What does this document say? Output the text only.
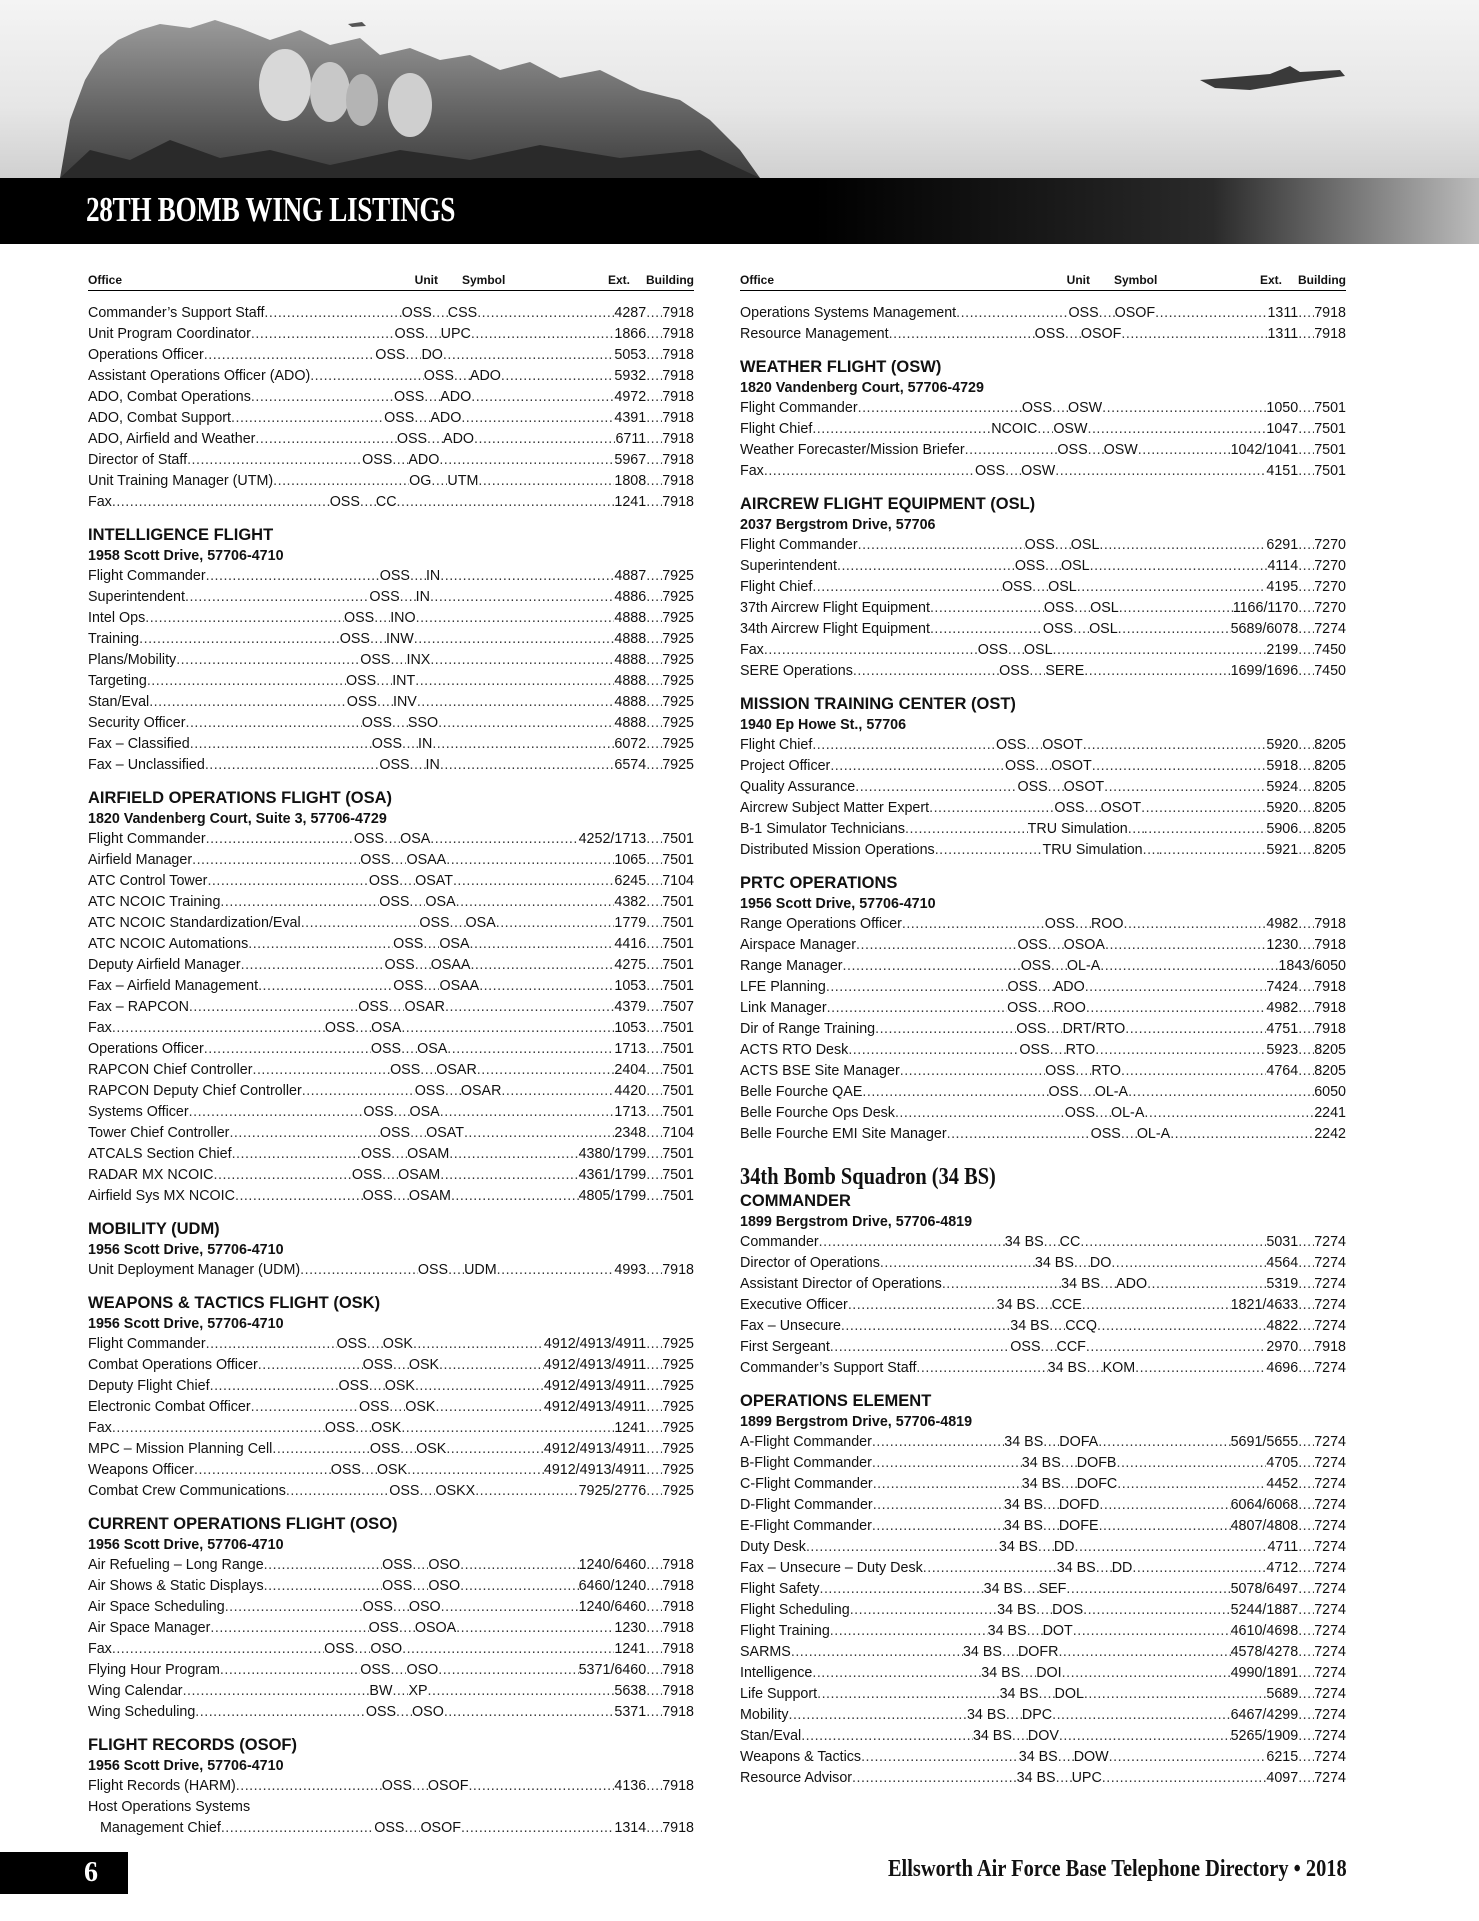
28TH BOMB WING LISTINGS
Office	Unit	Symbol	Ext.	Building
Commander’s Support Staff .....	OSS ..... CSS .....	4287 ..... 7918
Unit Program Coordinator .....	OSS ..... UPC .....	1866 ..... 7918
Operations Officer .....	OSS ..... DO .....	5053 ..... 7918
Assistant Operations Officer (ADO) .....	OSS ..... ADO .....	5932 ..... 7918
ADO, Combat Operations .....	OSS ..... ADO .....	4972 ..... 7918
ADO, Combat Support .....	OSS ..... ADO .....	4391 ..... 7918
ADO, Airfield and Weather .....	OSS ..... ADO .....	6711 ..... 7918
Director of Staff .....	OSS ..... ADO .....	5967 ..... 7918
Unit Training Manager (UTM) .....	OG ..... UTM .....	1808 ..... 7918
Fax .....	OSS ..... CC .....	1241 ..... 7918
INTELLIGENCE FLIGHT
1958 Scott Drive, 57706-4710
Flight Commander .....	OSS ..... IN .....	4887 ..... 7925
Superintendent .....	OSS ..... IN .....	4886 ..... 7925
Intel Ops .....	OSS ..... INO .....	4888 ..... 7925
Training .....	OSS ..... INW .....	4888 ..... 7925
Plans/Mobility .....	OSS ..... INX .....	4888 ..... 7925
Targeting .....	OSS ..... INT .....	4888 ..... 7925
Stan/Eval .....	OSS ..... INV .....	4888 ..... 7925
Security Officer .....	OSS ..... SSO .....	4888 ..... 7925
Fax – Classified .....	OSS ..... IN .....	6072 ..... 7925
Fax – Unclassified .....	OSS ..... IN .....	6574 ..... 7925
AIRFIELD OPERATIONS FLIGHT (OSA)
1820 Vandenberg Court, Suite 3, 57706-4729
Flight Commander .....	OSS ..... OSA .....	4252/1713 ..... 7501
Airfield Manager .....	OSS ..... OSAA .....	1065 ..... 7501
ATC Control Tower .....	OSS ..... OSAT .....	6245 ..... 7104
ATC NCOIC Training .....	OSS ..... OSA .....	4382 ..... 7501
ATC NCOIC Standardization/Eval .....	OSS ..... OSA .....	1779 ..... 7501
ATC NCOIC Automations .....	OSS ..... OSA .....	4416 ..... 7501
Deputy Airfield Manager .....	OSS ..... OSAA .....	4275 ..... 7501
Fax – Airfield Management .....	OSS ..... OSAA .....	1053 ..... 7501
Fax – RAPCON .....	OSS ..... OSAR .....	4379 ..... 7507
Fax .....	OSS ..... OSA .....	1053 ..... 7501
Operations Officer .....	OSS ..... OSA .....	1713 ..... 7501
RAPCON Chief Controller .....	OSS ..... OSAR .....	2404 ..... 7501
RAPCON Deputy Chief Controller .....	OSS ..... OSAR .....	4420 ..... 7501
Systems Officer .....	OSS ..... OSA .....	1713 ..... 7501
Tower Chief Controller .....	OSS ..... OSAT .....	2348 ..... 7104
ATCALS Section Chief .....	OSS ..... OSAM .....	4380/1799 ..... 7501
RADAR MX NCOIC .....	OSS ..... OSAM .....	4361/1799 ..... 7501
Airfield Sys MX NCOIC .....	OSS ..... OSAM .....	4805/1799 ..... 7501
MOBILITY (UDM)
1956 Scott Drive, 57706-4710
Unit Deployment Manager (UDM) .....	OSS ..... UDM .....	4993 ..... 7918
WEAPONS & TACTICS FLIGHT (OSK)
1956 Scott Drive, 57706-4710
Flight Commander .....	OSS ..... OSK .....	4912/4913/4911 ..... 7925
Combat Operations Officer .....	OSS ..... OSK .....	4912/4913/4911 ..... 7925
Deputy Flight Chief .....	OSS ..... OSK .....	4912/4913/4911 ..... 7925
Electronic Combat Officer .....	OSS ..... OSK .....	4912/4913/4911 ..... 7925
Fax .....	OSS ..... OSK .....	1241 ..... 7925
MPC – Mission Planning Cell .....	OSS ..... OSK .....	4912/4913/4911 ..... 7925
Weapons Officer .....	OSS ..... OSK .....	4912/4913/4911 ..... 7925
Combat Crew Communications .....	OSS ..... OSKX .....	7925/2776 ..... 7925
CURRENT OPERATIONS FLIGHT (OSO)
1956 Scott Drive, 57706-4710
Air Refueling – Long Range .....	OSS ..... OSO .....	1240/6460 ..... 7918
Air Shows & Static Displays .....	OSS ..... OSO .....	6460/1240 ..... 7918
Air Space Scheduling .....	OSS ..... OSO .....	1240/6460 ..... 7918
Air Space Manager .....	OSS ..... OSOA .....	1230 ..... 7918
Fax .....	OSS ..... OSO .....	1241 ..... 7918
Flying Hour Program .....	OSS ..... OSO .....	5371/6460 ..... 7918
Wing Calendar .....	BW ..... XP .....	5638 ..... 7918
Wing Scheduling .....	OSS ..... OSO .....	5371 ..... 7918
FLIGHT RECORDS (OSOF)
1956 Scott Drive, 57706-4710
Flight Records (HARM) .....	OSS ..... OSOF .....	4136 ..... 7918
Host Operations Systems
Management Chief .....	OSS ..... OSOF .....	1314 ..... 7918
Office	Unit	Symbol	Ext.	Building
Operations Systems Management .....	OSS ..... OSOF .....	1311 ..... 7918
Resource Management .....	OSS ..... OSOF .....	1311 ..... 7918
WEATHER FLIGHT (OSW)
1820 Vandenberg Court, 57706-4729
Flight Commander .....	OSS ..... OSW .....	1050 ..... 7501
Flight Chief .....	NCOIC ..... OSW .....	1047 ..... 7501
Weather Forecaster/Mission Briefer .....	OSS ..... OSW .....	1042/1041 ..... 7501
Fax .....	OSS ..... OSW .....	4151 ..... 7501
AIRCREW FLIGHT EQUIPMENT (OSL)
2037 Bergstrom Drive, 57706
Flight Commander .....	OSS ..... OSL .....	6291 ..... 7270
Superintendent .....	OSS ..... OSL .....	4114 ..... 7270
Flight Chief .....	OSS ..... OSL .....	4195 ..... 7270
37th Aircrew Flight Equipment .....	OSS ..... OSL .....	1166/1170 ..... 7270
34th Aircrew Flight Equipment .....	OSS ..... OSL .....	5689/6078 ..... 7274
Fax .....	OSS ..... OSL .....	2199 ..... 7450
SERE Operations .....	OSS ..... SERE .....	1699/1696 ..... 7450
MISSION TRAINING CENTER (OST)
1940 Ep Howe St., 57706
Flight Chief .....	OSS ..... OSOT .....	5920 ..... 8205
Project Officer .....	OSS ..... OSOT .....	5918 ..... 8205
Quality Assurance .....	OSS ..... OSOT .....	5924 ..... 8205
Aircrew Subject Matter Expert .....	OSS ..... OSOT .....	5920 ..... 8205
B-1 Simulator Technicians .....	TRU Simulation ..... .....	5906 ..... 8205
Distributed Mission Operations .....	TRU Simulation ..... .....	5921 ..... 8205
PRTC OPERATIONS
1956 Scott Drive, 57706-4710
Range Operations Officer .....	OSS ..... ROO .....	4982 ..... 7918
Airspace Manager .....	OSS ..... OSOA .....	1230 ..... 7918
Range Manager .....	OSS ..... OL-A .....	1843/6050
LFE Planning .....	OSS ..... ADO .....	7424 ..... 7918
Link Manager .....	OSS ..... ROO .....	4982 ..... 7918
Dir of Range Training .....	OSS ..... DRT/RTO .....	4751 ..... 7918
ACTS RTO Desk .....	OSS ..... RTO .....	5923 ..... 8205
ACTS BSE Site Manager .....	OSS ..... RTO .....	4764 ..... 8205
Belle Fourche QAE .....	OSS ..... OL-A .....	6050
Belle Fourche Ops Desk .....	OSS ..... OL-A .....	2241
Belle Fourche EMI Site Manager .....	OSS ..... OL-A .....	2242
34th Bomb Squadron (34 BS)
COMMANDER
1899 Bergstrom Drive, 57706-4819
Commander .....	34 BS ..... CC .....	5031 ..... 7274
Director of Operations .....	34 BS ..... DO .....	4564 ..... 7274
Assistant Director of Operations .....	34 BS ..... ADO .....	5319 ..... 7274
Executive Officer .....	34 BS ..... CCE .....	1821/4633 ..... 7274
Fax – Unsecure .....	34 BS ..... CCQ .....	4822 ..... 7274
First Sergeant .....	OSS ..... CCF .....	2970 ..... 7918
Commander’s Support Staff .....	34 BS ..... KOM .....	4696 ..... 7274
OPERATIONS ELEMENT
1899 Bergstrom Drive, 57706-4819
A-Flight Commander .....	34 BS ..... DOFA .....	5691/5655 ..... 7274
B-Flight Commander .....	34 BS ..... DOFB .....	4705 ..... 7274
C-Flight Commander .....	34 BS ..... DOFC .....	4452 ..... 7274
D-Flight Commander .....	34 BS ..... DOFD .....	6064/6068 ..... 7274
E-Flight Commander .....	34 BS ..... DOFE .....	4807/4808 ..... 7274
Duty Desk .....	34 BS ..... DD .....	4711 ..... 7274
Fax – Unsecure – Duty Desk .....	34 BS ..... DD .....	4712 ..... 7274
Flight Safety .....	34 BS ..... SEF .....	5078/6497 ..... 7274
Flight Scheduling .....	34 BS ..... DOS .....	5244/1887 ..... 7274
Flight Training .....	34 BS ..... DOT .....	4610/4698 ..... 7274
SARMS .....	34 BS ..... DOFR .....	4578/4278 ..... 7274
Intelligence .....	34 BS ..... DOI .....	4990/1891 ..... 7274
Life Support .....	34 BS ..... DOL .....	5689 ..... 7274
Mobility .....	34 BS ..... DPC .....	6467/4299 ..... 7274
Stan/Eval .....	34 BS ..... DOV .....	5265/1909 ..... 7274
Weapons & Tactics .....	34 BS ..... DOW .....	6215 ..... 7274
Resource Advisor .....	34 BS ..... UPC .....	4097 ..... 7274
6	Ellsworth Air Force Base Telephone Directory • 2018
